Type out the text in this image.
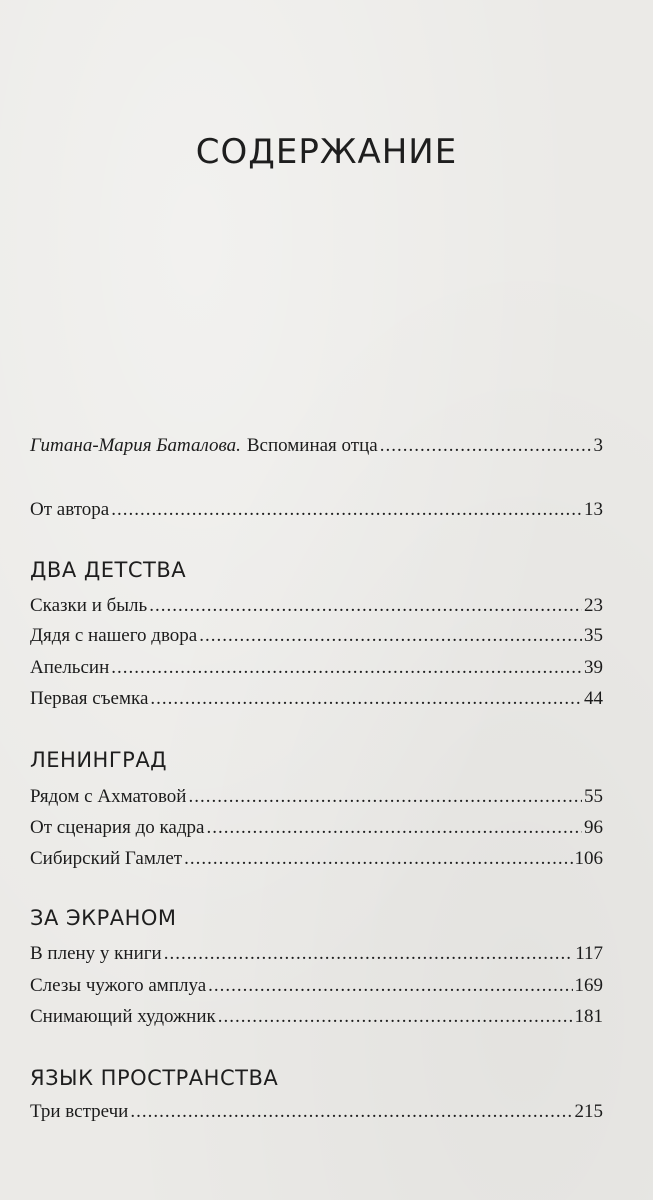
СОДЕРЖАНИЕ
Гитана-Мария Баталова. Вспоминая отца .....	3
От автора .....	13
ДВА ДЕТСТВА
Сказки и быль .....	23
Дядя с нашего двора .....	35
Апельсин .....	39
Первая съемка .....	44
ЛЕНИНГРАД
Рядом с Ахматовой .....	55
От сценария до кадра .....	96
Сибирский Гамлет .....	106
ЗА ЭКРАНОМ
В плену у книги .....	117
Слезы чужого амплуа .....	169
Снимающий художник .....	181
ЯЗЫК ПРОСТРАНСТВА
Три встречи .....	215
